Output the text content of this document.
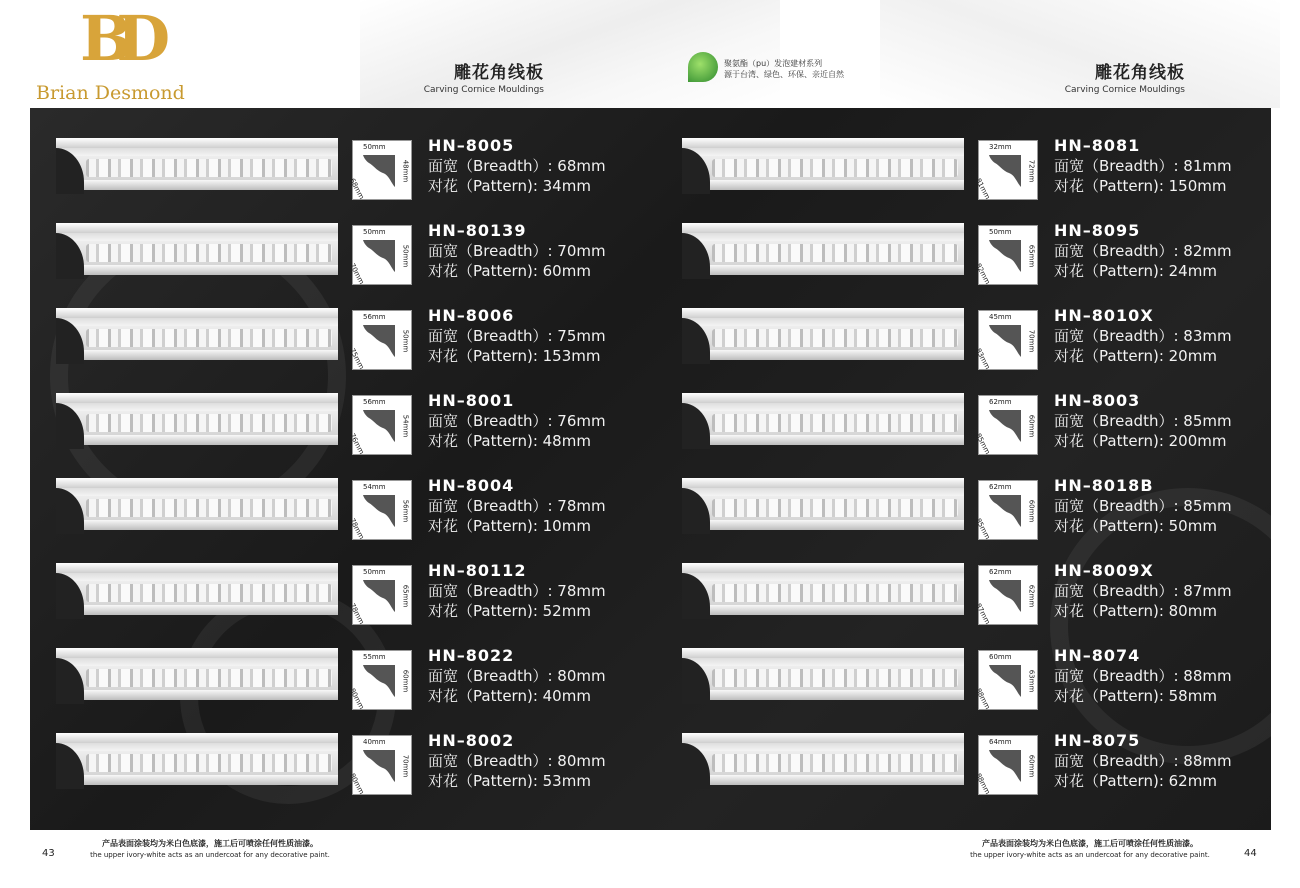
BD
Brian Desmond
雕花角线板
Carving Cornice Mouldings
聚氨酯（pu）发泡建材系列
源于台湾、绿色、环保、亲近自然	雕花角线板
Carving Cornice Mouldings
50mm
48mm
68mm
HN–8005
面宽（Breadth）: 68mm
对花（Pattern): 34mm
50mm
50mm
70mm
HN–80139
面宽（Breadth）: 70mm
对花（Pattern): 60mm
56mm
50mm
75mm
HN–8006
面宽（Breadth）: 75mm
对花（Pattern): 153mm
56mm
54mm
76mm
HN–8001
面宽（Breadth）: 76mm
对花（Pattern): 48mm
54mm
56mm
78mm
HN–8004
面宽（Breadth）: 78mm
对花（Pattern): 10mm
50mm
65mm
78mm
HN–80112
面宽（Breadth）: 78mm
对花（Pattern): 52mm
55mm
60mm
80mm
HN–8022
面宽（Breadth）: 80mm
对花（Pattern): 40mm
40mm
70mm
80mm
HN–8002
面宽（Breadth）: 80mm
对花（Pattern): 53mm
32mm
72mm
81mm
HN–8081
面宽（Breadth）: 81mm
对花（Pattern): 150mm
50mm
65mm
82mm
HN–8095
面宽（Breadth）: 82mm
对花（Pattern): 24mm
45mm
70mm
83mm
HN–8010X
面宽（Breadth）: 83mm
对花（Pattern): 20mm
62mm
60mm
85mm
HN–8003
面宽（Breadth）: 85mm
对花（Pattern): 200mm
62mm
60mm
85mm
HN–8018B
面宽（Breadth）: 85mm
对花（Pattern): 50mm
62mm
62mm
87mm
HN–8009X
面宽（Breadth）: 87mm
对花（Pattern): 80mm
60mm
63mm
88mm
HN–8074
面宽（Breadth）: 88mm
对花（Pattern): 58mm
64mm
60mm
88mm
HN–8075
面宽（Breadth）: 88mm
对花（Pattern): 62mm
43
产品表面涂装均为米白色底漆，施工后可喷涂任何性质油漆。
the upper ivory-white acts as an undercoat for any decorative paint.
产品表面涂装均为米白色底漆，施工后可喷涂任何性质油漆。
the upper ivory-white acts as an undercoat for any decorative paint.	44
